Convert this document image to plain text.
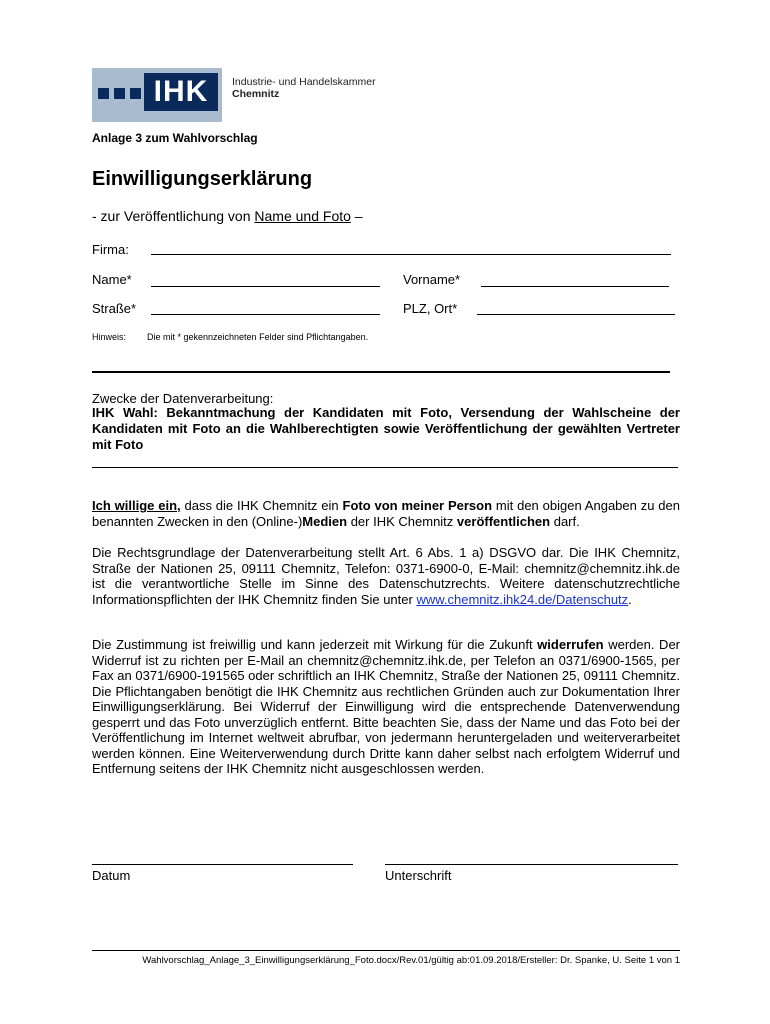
IHK	Industrie- und Handelskammer
Chemnitz
Anlage 3 zum Wahlvorschlag
Einwilligungserklärung
- zur Veröffentlichung von Name und Foto –
Firma:
Name*	Vorname*
Straße*	PLZ, Ort*
Hinweis: Die mit * gekennzeichneten Felder sind Pflichtangaben.
Zwecke der Datenverarbeitung:
IHK Wahl: Bekanntmachung der Kandidaten mit Foto, Versendung der Wahlscheine der Kandidaten mit Foto an die Wahlberechtigten sowie Veröffentlichung der gewählten Vertreter mit Foto
Ich willige ein, dass die IHK Chemnitz ein Foto von meiner Person mit den obigen Angaben zu den benannten Zwecken in den (Online-)Medien der IHK Chemnitz veröffentlichen darf.
Die Rechtsgrundlage der Datenverarbeitung stellt Art. 6 Abs. 1 a) DSGVO dar. Die IHK Chemnitz, Straße der Nationen 25, 09111 Chemnitz, Telefon: 0371-6900-0, E-Mail: chemnitz@chemnitz.ihk.de ist die verantwortliche Stelle im Sinne des Datenschutzrechts. Weitere datenschutzrechtliche Informationspflichten der IHK Chemnitz finden Sie unter www.chemnitz.ihk24.de/Datenschutz.
Die Zustimmung ist freiwillig und kann jederzeit mit Wirkung für die Zukunft widerrufen werden. Der Widerruf ist zu richten per E-Mail an chemnitz@chemnitz.ihk.de, per Telefon an 0371/6900-1565, per Fax an 0371/6900-191565 oder schriftlich an IHK Chemnitz, Straße der Nationen 25, 09111 Chemnitz. Die Pflichtangaben benötigt die IHK Chemnitz aus rechtlichen Gründen auch zur Dokumentation Ihrer Einwilligungserklärung. Bei Widerruf der Einwilligung wird die entsprechende Datenverwendung gesperrt und das Foto unverzüglich entfernt. Bitte beachten Sie, dass der Name und das Foto bei der Veröffentlichung im Internet weltweit abrufbar, von jedermann heruntergeladen und weiterverarbeitet werden können. Eine Weiterverwendung durch Dritte kann daher selbst nach erfolgtem Widerruf und Entfernung seitens der IHK Chemnitz nicht ausgeschlossen werden.
Datum	Unterschrift
Wahlvorschlag_Anlage_3_Einwilligungserklärung_Foto.docx/Rev.01/gültig ab:01.09.2018/Ersteller: Dr. Spanke, U. Seite 1 von 1
